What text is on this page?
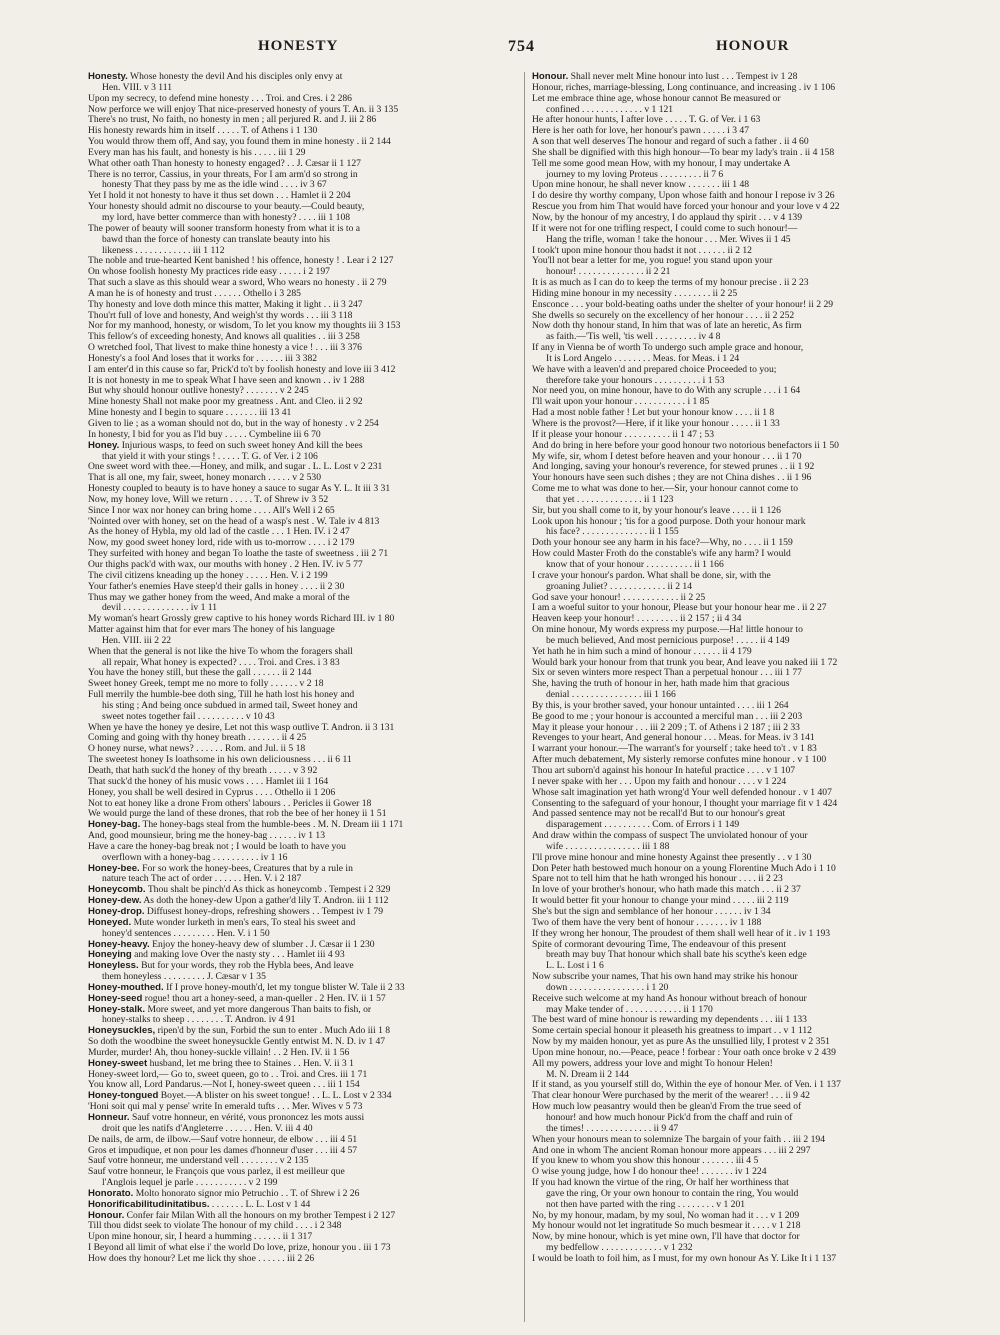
HONESTY	754	HONOUR
Honesty. Whose honesty the devil And his disciples only envy at
Hen. VIII. v 3 111
Upon my secrecy, to defend mine honesty . . . Troi. and Cres. i 2 286
Now perforce we will enjoy That nice-preserved honesty of yours T. An. ii 3 135
There's no trust, No faith, no honesty in men ; all perjured R. and J. iii 2 86
His honesty rewards him in itself . . . . . T. of Athens i 1 130
You would throw them off, And say, you found them in mine honesty . ii 2 144
Every man has his fault, and honesty is his . . . . . iii 1 29
What other oath Than honesty to honesty engaged? . . J. Cæsar ii 1 127
There is no terror, Cassius, in your threats, For I am arm'd so strong in
honesty That they pass by me as the idle wind . . . . iv 3 67
Yet I hold it not honesty to have it thus set down . . . Hamlet ii 2 204
Your honesty should admit no discourse to your beauty.—Could beauty,
my lord, have better commerce than with honesty? . . . . iii 1 108
The power of beauty will sooner transform honesty from what it is to a
bawd than the force of honesty can translate beauty into his
likeness . . . . . . . . . . . . iii 1 112
The noble and true-hearted Kent banished ! his offence, honesty ! . Lear i 2 127
On whose foolish honesty My practices ride easy . . . . . i 2 197
That such a slave as this should wear a sword, Who wears no honesty . ii 2 79
A man he is of honesty and trust . . . . . . Othello i 3 285
Thy honesty and love doth mince this matter, Making it light . . ii 3 247
Thou'rt full of love and honesty, And weigh'st thy words . . . iii 3 118
Nor for my manhood, honesty, or wisdom, To let you know my thoughts iii 3 153
This fellow's of exceeding honesty, And knows all qualities . . iii 3 258
O wretched fool, That livest to make thine honesty a vice ! . . . iii 3 376
Honesty's a fool And loses that it works for . . . . . . iii 3 382
I am enter'd in this cause so far, Prick'd to't by foolish honesty and love iii 3 412
It is not honesty in me to speak What I have seen and known . . iv 1 288
But why should honour outlive honesty? . . . . . . . v 2 245
Mine honesty Shall not make poor my greatness . Ant. and Cleo. ii 2 92
Mine honesty and I begin to square . . . . . . . iii 13 41
Given to lie ; as a woman should not do, but in the way of honesty . v 2 254
In honesty, I bid for you as I'ld buy . . . . . Cymbeline iii 6 70
Honey. Injurious wasps, to feed on such sweet honey And kill the bees
that yield it with your stings ! . . . . . T. G. of Ver. i 2 106
One sweet word with thee.—Honey, and milk, and sugar . L. L. Lost v 2 231
That is all one, my fair, sweet, honey monarch . . . . . v 2 530
Honesty coupled to beauty is to have honey a sauce to sugar As Y. L. It iii 3 31
Now, my honey love, Will we return . . . . . T. of Shrew iv 3 52
Since I nor wax nor honey can bring home . . . . All's Well i 2 65
'Nointed over with honey, set on the head of a wasp's nest . W. Tale iv 4 813
As the honey of Hybla, my old lad of the castle . . . 1 Hen. IV. i 2 47
Now, my good sweet honey lord, ride with us to-morrow . . . . i 2 179
They surfeited with honey and began To loathe the taste of sweetness . iii 2 71
Our thighs pack'd with wax, our mouths with honey . 2 Hen. IV. iv 5 77
The civil citizens kneading up the honey . . . . . Hen. V. i 2 199
Your father's enemies Have steep'd their galls in honey . . . . ii 2 30
Thus may we gather honey from the weed, And make a moral of the
devil . . . . . . . . . . . . . . iv 1 11
My woman's heart Grossly grew captive to his honey words Richard III. iv 1 80
Matter against him that for ever mars The honey of his language
Hen. VIII. iii 2 22
When that the general is not like the hive To whom the foragers shall
all repair, What honey is expected? . . . . Troi. and Cres. i 3 83
You have the honey still, but these the gall . . . . . . ii 2 144
Sweet honey Greek, tempt me no more to folly . . . . . . v 2 18
Full merrily the humble-bee doth sing, Till he hath lost his honey and
his sting ; And being once subdued in armed tail, Sweet honey and
sweet notes together fail . . . . . . . . . . v 10 43
When ye have the honey ye desire, Let not this wasp outlive T. Andron. ii 3 131
Coming and going with thy honey breath . . . . . . . ii 4 25
O honey nurse, what news? . . . . . . Rom. and Jul. ii 5 18
The sweetest honey Is loathsome in his own deliciousness . . . ii 6 11
Death, that hath suck'd the honey of thy breath . . . . . v 3 92
That suck'd the honey of his music vows . . . . Hamlet iii 1 164
Honey, you shall be well desired in Cyprus . . . . Othello ii 1 206
Not to eat honey like a drone From others' labours . . Pericles ii Gower 18
We would purge the land of these drones, that rob the bee of her honey ii 1 51
Honey-bag. The honey-bags steal from the humble-bees . M. N. Dream iii 1 171
And, good mounsieur, bring me the honey-bag . . . . . . iv 1 13
Have a care the honey-bag break not ; I would be loath to have you
overflown with a honey-bag . . . . . . . . . . iv 1 16
Honey-bee. For so work the honey-bees, Creatures that by a rule in
nature teach The act of order . . . . . . Hen. V. i 2 187
Honeycomb. Thou shalt be pinch'd As thick as honeycomb . Tempest i 2 329
Honey-dew. As doth the honey-dew Upon a gather'd lily T. Andron. iii 1 112
Honey-drop. Diffusest honey-drops, refreshing showers . . Tempest iv 1 79
Honeyed. Mute wonder lurketh in men's ears, To steal his sweet and
honey'd sentences . . . . . . . . . Hen. V. i 1 50
Honey-heavy. Enjoy the honey-heavy dew of slumber . J. Cæsar ii 1 230
Honeying and making love Over the nasty sty . . . Hamlet iii 4 93
Honeyless. But for your words, they rob the Hybla bees, And leave
them honeyless . . . . . . . . . J. Cæsar v 1 35
Honey-mouthed. If I prove honey-mouth'd, let my tongue blister W. Tale ii 2 33
Honey-seed rogue! thou art a honey-seed, a man-queller . 2 Hen. IV. ii 1 57
Honey-stalk. More sweet, and yet more dangerous Than baits to fish, or
honey-stalks to sheep . . . . . . . . T. Andron. iv 4 91
Honeysuckles, ripen'd by the sun, Forbid the sun to enter . Much Ado iii 1 8
So doth the woodbine the sweet honeysuckle Gently entwist M. N. D. iv 1 47
Murder, murder! Ah, thou honey-suckle villain! . . 2 Hen. IV. ii 1 56
Honey-sweet husband, let me bring thee to Staines . . Hen. V. ii 3 1
Honey-sweet lord,— Go to, sweet queen, go to . . Troi. and Cres. iii 1 71
You know all, Lord Pandarus.—Not I, honey-sweet queen . . . iii 1 154
Honey-tongued Boyet.—A blister on his sweet tongue! . . L. L. Lost v 2 334
'Honi soit qui mal y pense' write In emerald tufts . . . Mer. Wives v 5 73
Honneur. Sauf votre honneur, en vérité, vous prononcez les mots aussi
droit que les natifs d'Angleterre . . . . . . Hen. V. iii 4 40
De nails, de arm, de ilbow.—Sauf votre honneur, de elbow . . . iii 4 51
Gros et impudique, et non pour les dames d'honneur d'user . . . iii 4 57
Sauf votre honneur, me understand vell . . . . . . . . v 2 135
Sauf votre honneur, le François que vous parlez, il est meilleur que
l'Anglois lequel je parle . . . . . . . . . . . v 2 199
Honorato. Molto honorato signor mio Petruchio . . T. of Shrew i 2 26
Honorificabilitudinitatibus. . . . . . . . L. L. Lost v 1 44
Honour. Confer fair Milan With all the honours on my brother Tempest i 2 127
Till thou didst seek to violate The honour of my child . . . . i 2 348
Upon mine honour, sir, I heard a humming . . . . . . ii 1 317
I Beyond all limit of what else i' the world Do love, prize, honour you . iii 1 73
How does thy honour? Let me lick thy shoe . . . . . . iii 2 26
Honour. Shall never melt Mine honour into lust . . . Tempest iv 1 28
Honour, riches, marriage-blessing, Long continuance, and increasing . iv 1 106
Let me embrace thine age, whose honour cannot Be measured or
confined . . . . . . . . . . . . . v 1 121
He after honour hunts, I after love . . . . . T. G. of Ver. i 1 63
Here is her oath for love, her honour's pawn . . . . . i 3 47
A son that well deserves The honour and regard of such a father . ii 4 60
She shall be dignified with this high honour—To bear my lady's train . ii 4 158
Tell me some good mean How, with my honour, I may undertake A
journey to my loving Proteus . . . . . . . . . ii 7 6
Upon mine honour, he shall never know . . . . . . . iii 1 48
I do desire thy worthy company, Upon whose faith and honour I repose iv 3 26
Rescue you from him That would have forced your honour and your love v 4 22
Now, by the honour of my ancestry, I do applaud thy spirit . . . v 4 139
If it were not for one trifling respect, I could come to such honour!—
Hang the trifle, woman ! take the honour . . . Mer. Wives ii 1 45
I took't upon mine honour thou hadst it not . . . . . . ii 2 12
You'll not bear a letter for me, you rogue! you stand upon your
honour! . . . . . . . . . . . . . . ii 2 21
It is as much as I can do to keep the terms of my honour precise . ii 2 23
Hiding mine honour in my necessity . . . . . . . . ii 2 25
Ensconce . . . your bold-beating oaths under the shelter of your honour! ii 2 29
She dwells so securely on the excellency of her honour . . . . ii 2 252
Now doth thy honour stand, In him that was of late an heretic, As firm
as faith.—'Tis well, 'tis well . . . . . . . . . iv 4 8
If any in Vienna be of worth To undergo such ample grace and honour,
It is Lord Angelo . . . . . . . . Meas. for Meas. i 1 24
We have with a leaven'd and prepared choice Proceeded to you;
therefore take your honours . . . . . . . . . . i 1 53
Nor need you, on mine honour, have to do With any scruple . . . i 1 64
I'll wait upon your honour . . . . . . . . . . . i 1 85
Had a most noble father ! Let but your honour know . . . . ii 1 8
Where is the provost?—Here, if it like your honour . . . . . ii 1 33
If it please your honour . . . . . . . . . . ii 1 47 ; 53
And do bring in here before your good honour two notorious benefactors ii 1 50
My wife, sir, whom I detest before heaven and your honour . . . ii 1 70
And longing, saving your honour's reverence, for stewed prunes . . ii 1 92
Your honours have seen such dishes ; they are not China dishes . . ii 1 96
Come me to what was done to her.—Sir, your honour cannot come to
that yet . . . . . . . . . . . . . . ii 1 123
Sir, but you shall come to it, by your honour's leave . . . . ii 1 126
Look upon his honour ; 'tis for a good purpose. Doth your honour mark
his face? . . . . . . . . . . . . . . ii 1 155
Doth your honour see any harm in his face?—Why, no . . . . ii 1 159
How could Master Froth do the constable's wife any harm? I would
know that of your honour . . . . . . . . . . ii 1 166
I crave your honour's pardon. What shall be done, sir, with the
groaning Juliet? . . . . . . . . . . . . ii 2 14
God save your honour! . . . . . . . . . . . . ii 2 25
I am a woeful suitor to your honour, Please but your honour hear me . ii 2 27
Heaven keep your honour! . . . . . . . . . ii 2 157 ; ii 4 34
On mine honour, My words express my purpose.—Ha! little honour to
be much believed, And most pernicious purpose! . . . . . ii 4 149
Yet hath he in him such a mind of honour . . . . . . ii 4 179
Would bark your honour from that trunk you bear, And leave you naked iii 1 72
Six or seven winters more respect Than a perpetual honour . . . iii 1 77
She, having the truth of honour in her, hath made him that gracious
denial . . . . . . . . . . . . . . . iii 1 166
By this, is your brother saved, your honour untainted . . . . iii 1 264
Be good to me ; your honour is accounted a merciful man . . . iii 2 203
May it please your honour . . . iii 2 209 ; T. of Athens i 2 187 ; iii 2 33
Revenges to your heart, And general honour . . . Meas. for Meas. iv 3 141
I warrant your honour.—The warrant's for yourself ; take heed to't . v 1 83
After much debatement, My sisterly remorse confutes mine honour . v 1 100
Thou art suborn'd against his honour In hateful practice . . . . v 1 107
I never spake with her . . . Upon my faith and honour . . . . v 1 224
Whose salt imagination yet hath wrong'd Your well defended honour . v 1 407
Consenting to the safeguard of your honour, I thought your marriage fit v 1 424
And passed sentence may not be recall'd But to our honour's great
disparagement . . . . . . . . . . Com. of Errors i 1 149
And draw within the compass of suspect The unviolated honour of your
wife . . . . . . . . . . . . . . . . iii 1 88
I'll prove mine honour and mine honesty Against thee presently . . v 1 30
Don Peter hath bestowed much honour on a young Florentine Much Ado i 1 10
Spare not to tell him that he hath wronged his honour . . . . ii 2 23
In love of your brother's honour, who hath made this match . . . ii 2 37
It would better fit your honour to change your mind . . . . . iii 2 119
She's but the sign and semblance of her honour . . . . . . iv 1 34
Two of them have the very bent of honour . . . . . . . iv 1 188
If they wrong her honour, The proudest of them shall well hear of it . iv 1 193
Spite of cormorant devouring Time, The endeavour of this present
breath may buy That honour which shall bate his scythe's keen edge
L. L. Lost i 1 6
Now subscribe your names, That his own hand may strike his honour
down . . . . . . . . . . . . . . . . i 1 20
Receive such welcome at my hand As honour without breach of honour
may Make tender of . . . . . . . . . . . . ii 1 170
The best ward of mine honour is rewarding my dependents . . . iii 1 133
Some certain special honour it pleaseth his greatness to impart . . v 1 112
Now by my maiden honour, yet as pure As the unsullied lily, I protest v 2 351
Upon mine honour, no.—Peace, peace ! forbear : Your oath once broke v 2 439
All my powers, address your love and might To honour Helen!
M. N. Dream ii 2 144
If it stand, as you yourself still do, Within the eye of honour Mer. of Ven. i 1 137
That clear honour Were purchased by the merit of the wearer! . . . ii 9 42
How much low peasantry would then be glean'd From the true seed of
honour! and how much honour Pick'd from the chaff and ruin of
the times! . . . . . . . . . . . . . . ii 9 47
When your honours mean to solemnize The bargain of your faith . . iii 2 194
And one in whom The ancient Roman honour more appears . . . iii 2 297
If you knew to whom you show this honour . . . . . . . iii 4 5
O wise young judge, how I do honour thee! . . . . . . . iv 1 224
If you had known the virtue of the ring, Or half her worthiness that
gave the ring, Or your own honour to contain the ring, You would
not then have parted with the ring . . . . . . . . v 1 201
No, by my honour, madam, by my soul, No woman had it . . . v 1 209
My honour would not let ingratitude So much besmear it . . . . v 1 218
Now, by mine honour, which is yet mine own, I'll have that doctor for
my bedfellow . . . . . . . . . . . . . v 1 232
I would be loath to foil him, as I must, for my own honour As Y. Like It i 1 137
